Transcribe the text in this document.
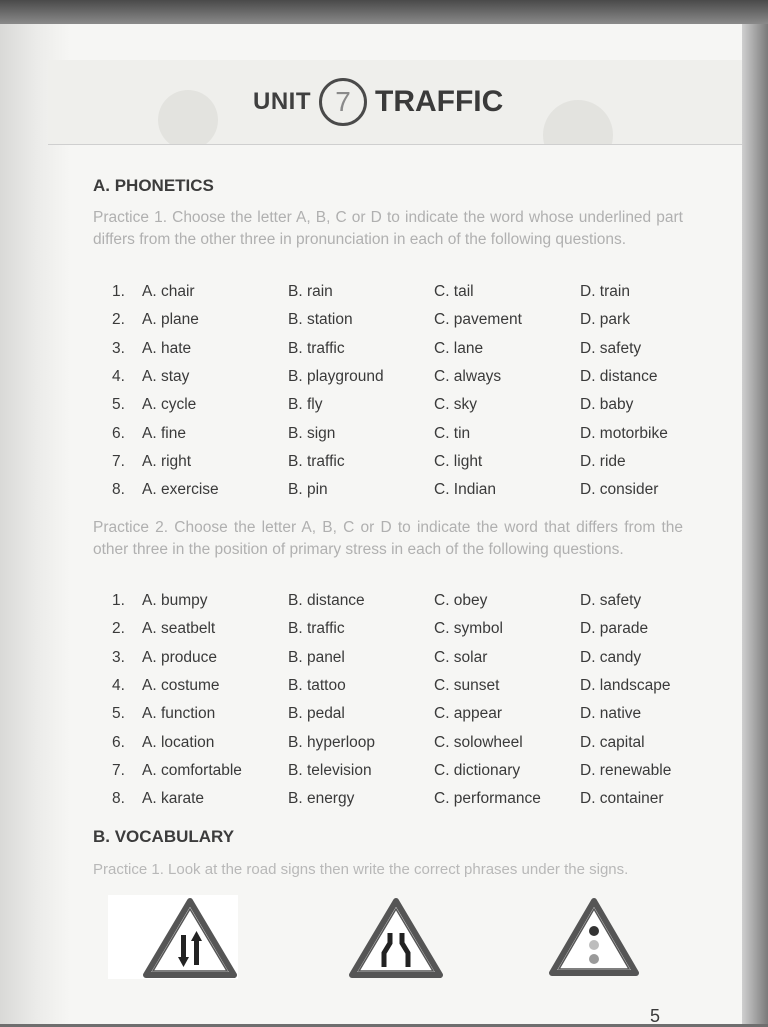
UNIT 7 TRAFFIC
A. PHONETICS
Practice 1. Choose the letter A, B, C or D to indicate the word whose underlined part differs from the other three in pronunciation in each of the following questions.
1. A. chair	B. rain	C. tail	D. train
2. A. plane	B. station	C. pavement	D. park
3. A. hate	B. traffic	C. lane	D. safety
4. A. stay	B. playground	C. always	D. distance
5. A. cycle	B. fly	C. sky	D. baby
6. A. fine	B. sign	C. tin	D. motorbike
7. A. right	B. traffic	C. light	D. ride
8. A. exercise	B. pin	C. Indian	D. consider
Practice 2. Choose the letter A, B, C or D to indicate the word that differs from the other three in the position of primary stress in each of the following questions.
1. A. bumpy	B. distance	C. obey	D. safety
2. A. seatbelt	B. traffic	C. symbol	D. parade
3. A. produce	B. panel	C. solar	D. candy
4. A. costume	B. tattoo	C. sunset	D. landscape
5. A. function	B. pedal	C. appear	D. native
6. A. location	B. hyperloop	C. solowheel	D. capital
7. A. comfortable	B. television	C. dictionary	D. renewable
8. A. karate	B. energy	C. performance	D. container
B. VOCABULARY
Practice 1. Look at the road signs then write the correct phrases under the signs.
5
